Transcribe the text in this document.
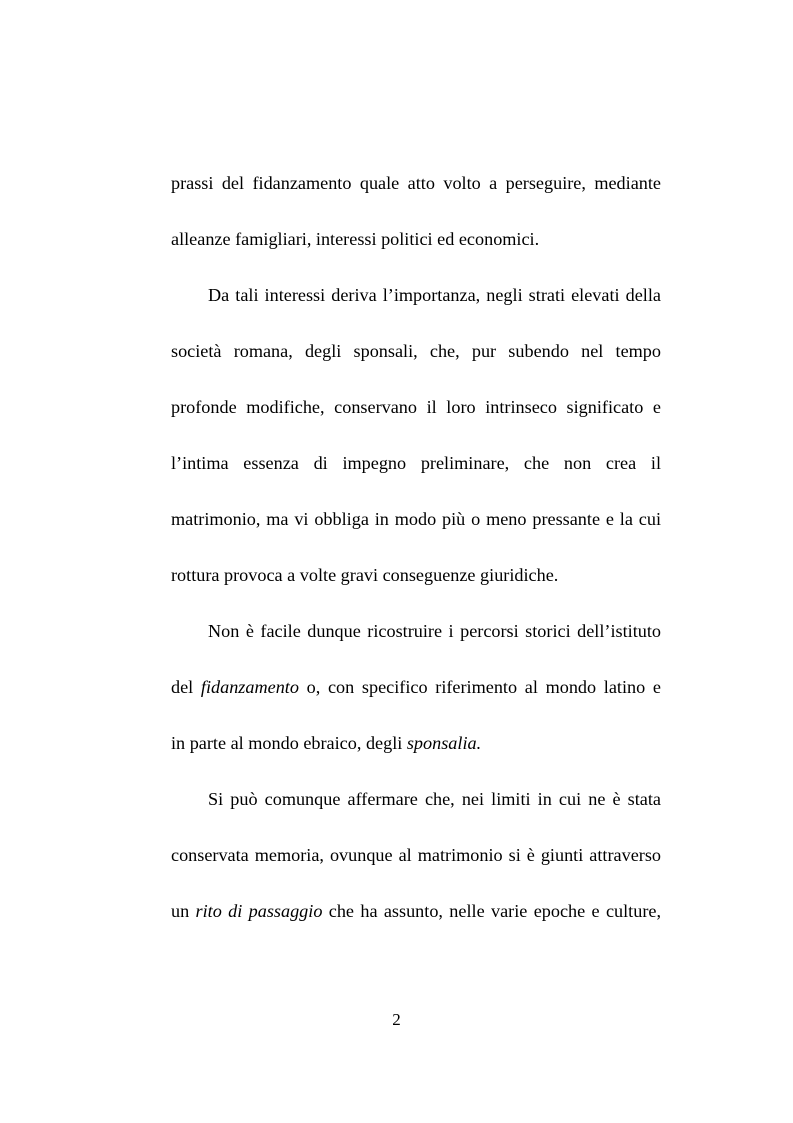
prassi del fidanzamento quale atto volto a perseguire, mediante
alleanze famigliari, interessi politici ed economici.
Da tali interessi deriva l’importanza, negli strati elevati della
società romana, degli sponsali, che, pur subendo nel tempo
profonde modifiche, conservano il loro intrinseco significato e
l’intima essenza di impegno preliminare, che non crea il
matrimonio, ma vi obbliga in modo più o meno pressante e la cui
rottura provoca a volte gravi conseguenze giuridiche.
Non è facile dunque ricostruire i percorsi storici dell’istituto
del fidanzamento o, con specifico riferimento al mondo latino e
in parte al mondo ebraico, degli sponsalia.
Si può comunque affermare che, nei limiti in cui ne è stata
conservata memoria, ovunque al matrimonio si è giunti attraverso
un rito di passaggio che ha assunto, nelle varie epoche e culture,
2
